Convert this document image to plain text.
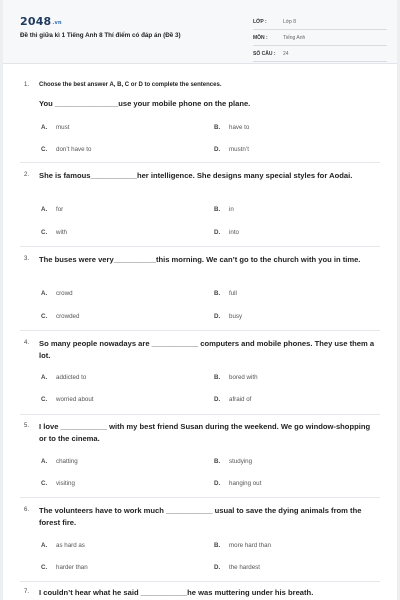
2048.vn
Đề thi giữa kì 1 Tiếng Anh 8 Thí điểm có đáp án (Đề 3)
LỚP :	Lớp 8
MÔN :	Tiếng Anh
SỐ CÂU :	24
1. Choose the best answer A, B, C or D to complete the sentences.
You _______________use your mobile phone on the plane.
A. must	B. have to
C. don’t have to	D. mustn’t
2. She is famous___________her intelligence. She designs many special styles for Aodai.
A. for	B. in
C. with	D. into
3. The buses were very__________this morning. We can’t go to the church with you in time.
A. crowd	B. full
C. crowded	D. busy
4. So many people nowadays are ___________ computers and mobile phones. They use them a lot.
A. addicted to	B. bored with
C. worried about	D. afraid of
5. I love ___________ with my best friend Susan during the weekend. We go window-shopping or to the cinema.
A. chatting	B. studying
C. visiting	D. hanging out
6. The volunteers have to work much ___________ usual to save the dying animals from the forest fire.
A. as hard as	B. more hard than
C. harder than	D. the hardest
7. I couldn’t hear what he said ___________he was muttering under his breath.
